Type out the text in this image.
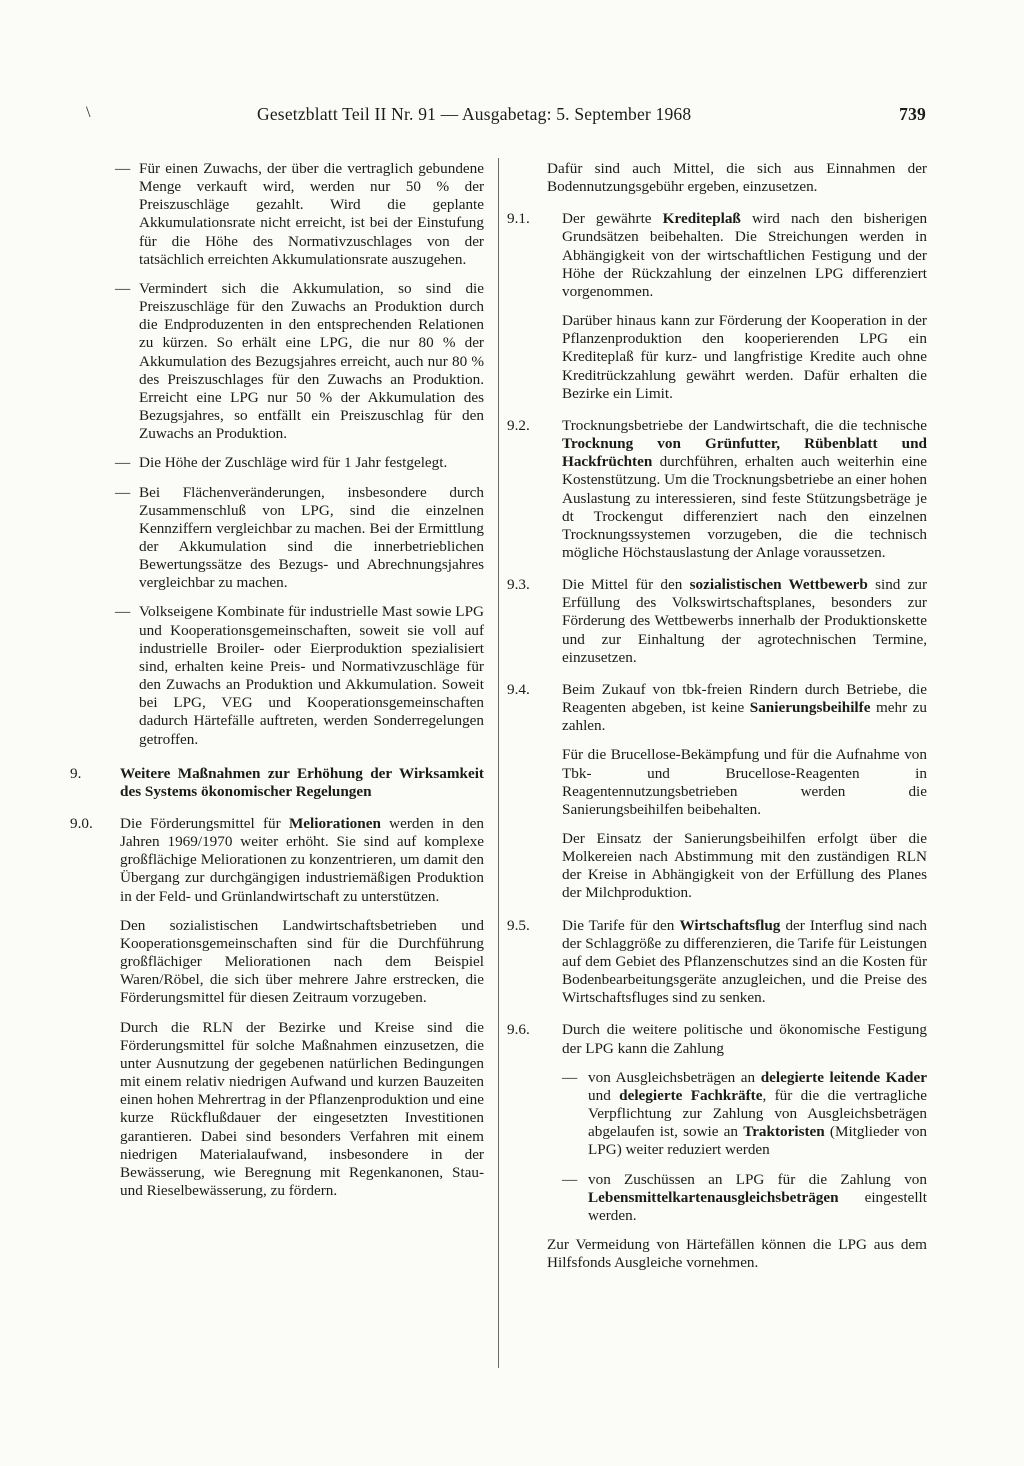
\	Gesetzblatt Teil II Nr. 91 — Ausgabetag: 5. September 1968	739
— Für einen Zuwachs, der über die vertraglich gebundene Menge verkauft wird, werden nur 50 % der Preiszuschläge gezahlt. Wird die geplante Akkumulationsrate nicht erreicht, ist bei der Einstufung für die Höhe des Normativzuschlages von der tatsächlich erreichten Akkumulationsrate auszugehen.
— Vermindert sich die Akkumulation, so sind die Preiszuschläge für den Zuwachs an Produktion durch die Endproduzenten in den entsprechenden Relationen zu kürzen. So erhält eine LPG, die nur 80 % der Akkumulation des Bezugsjahres erreicht, auch nur 80 % des Preiszuschlages für den Zuwachs an Produktion. Erreicht eine LPG nur 50 % der Akkumulation des Bezugsjahres, so entfällt ein Preiszuschlag für den Zuwachs an Produktion.
— Die Höhe der Zuschläge wird für 1 Jahr festgelegt.
— Bei Flächenveränderungen, insbesondere durch Zusammenschluß von LPG, sind die einzelnen Kennziffern vergleichbar zu machen. Bei der Ermittlung der Akkumulation sind die innerbetrieblichen Bewertungssätze des Bezugs- und Abrechnungsjahres vergleichbar zu machen.
— Volkseigene Kombinate für industrielle Mast sowie LPG und Kooperationsgemeinschaften, soweit sie voll auf industrielle Broiler- oder Eierproduktion spezialisiert sind, erhalten keine Preis- und Normativzuschläge für den Zuwachs an Produktion und Akkumulation. Soweit bei LPG, VEG und Kooperationsgemeinschaften dadurch Härtefälle auftreten, werden Sonderregelungen getroffen.
9.	Weitere Maßnahmen zur Erhöhung der Wirksamkeit des Systems ökonomischer Regelungen
9.0.	Die Förderungsmittel für Meliorationen werden in den Jahren 1969/1970 weiter erhöht. Sie sind auf komplexe großflächige Meliorationen zu konzentrieren, um damit den Übergang zur durchgängigen industriemäßigen Produktion in der Feld- und Grünlandwirtschaft zu unterstützen.

Den sozialistischen Landwirtschaftsbetrieben und Kooperationsgemeinschaften sind für die Durchführung großflächiger Meliorationen nach dem Beispiel Waren/Röbel, die sich über mehrere Jahre erstrecken, die Förderungsmittel für diesen Zeitraum vorzugeben.

Durch die RLN der Bezirke und Kreise sind die Förderungsmittel für solche Maßnahmen einzusetzen, die unter Ausnutzung der gegebenen natürlichen Bedingungen mit einem relativ niedrigen Aufwand und kurzen Bauzeiten einen hohen Mehrertrag in der Pflanzenproduktion und eine kurze Rückflußdauer der eingesetzten Investitionen garantieren. Dabei sind besonders Verfahren mit einem niedrigen Materialaufwand, insbesondere in der Bewässerung, wie Beregnung mit Regenkanonen, Stau- und Rieselbewässerung, zu fördern.

Dafür sind auch Mittel, die sich aus Einnahmen der Bodennutzungsgebühr ergeben, einzusetzen.

9.1.	Der gewährte Kreditерlaß wird nach den bisherigen Grundsätzen beibehalten. Die Streichungen werden in Abhängigkeit von der wirtschaftlichen Festigung und der Höhe der Rückzahlung der einzelnen LPG differenziert vorgenommen.

Darüber hinaus kann zur Förderung der Kooperation in der Pflanzenproduktion den kooperierenden LPG ein Kreditерlaß für kurz- und langfristige Kredite auch ohne Kreditrückzahlung gewährt werden. Dafür erhalten die Bezirke ein Limit.

9.2.	Trocknungsbetriebe der Landwirtschaft, die die technische Trocknung von Grünfutter, Rübenblatt und Hackfrüchten durchführen, erhalten auch weiterhin eine Kostenstützung. Um die Trocknungsbetriebe an einer hohen Auslastung zu interessieren, sind feste Stützungsbeträge je dt Trockengut differenziert nach den einzelnen Trocknungssystemen vorzugeben, die die technisch mögliche Höchstauslastung der Anlage voraussetzen.
9.3.	Die Mittel für den sozialistischen Wettbewerb sind zur Erfüllung des Volkswirtschaftsplanes, besonders zur Förderung des Wettbewerbs innerhalb der Produktionskette und zur Einhaltung der agrotechnischen Termine, einzusetzen.
9.4.	Beim Zukauf von tbk-freien Rindern durch Betriebe, die Reagenten abgeben, ist keine Sanierungsbeihilfe mehr zu zahlen.

Für die Brucellose-Bekämpfung und für die Aufnahme von Tbk- und Brucellose-Reagenten in Reagentennutzungsbetrieben werden die Sanierungsbeihilfen beibehalten.

Der Einsatz der Sanierungsbeihilfen erfolgt über die Molkereien nach Abstimmung mit den zuständigen RLN der Kreise in Abhängigkeit von der Erfüllung des Planes der Milchproduktion.

9.5.	Die Tarife für den Wirtschaftsflug der Interflug sind nach der Schlaggröße zu differenzieren, die Tarife für Leistungen auf dem Gebiet des Pflanzenschutzes sind an die Kosten für Bodenbearbeitungsgeräte anzugleichen, und die Preise des Wirtschaftsfluges sind zu senken.
9.6.	Durch die weitere politische und ökonomische Festigung der LPG kann die Zahlung
— von Ausgleichsbeträgen an delegierte leitende Kader und delegierte Fachkräfte, für die die vertragliche Verpflichtung zur Zahlung von Ausgleichsbeträgen abgelaufen ist, sowie an Traktoristen (Mitglieder von LPG) weiter reduziert werden
— von Zuschüssen an LPG für die Zahlung von Lebensmittelkartenausgleichsbeträgen eingestellt werden.

Zur Vermeidung von Härtefällen können die LPG aus dem Hilfsfonds Ausgleiche vornehmen.
